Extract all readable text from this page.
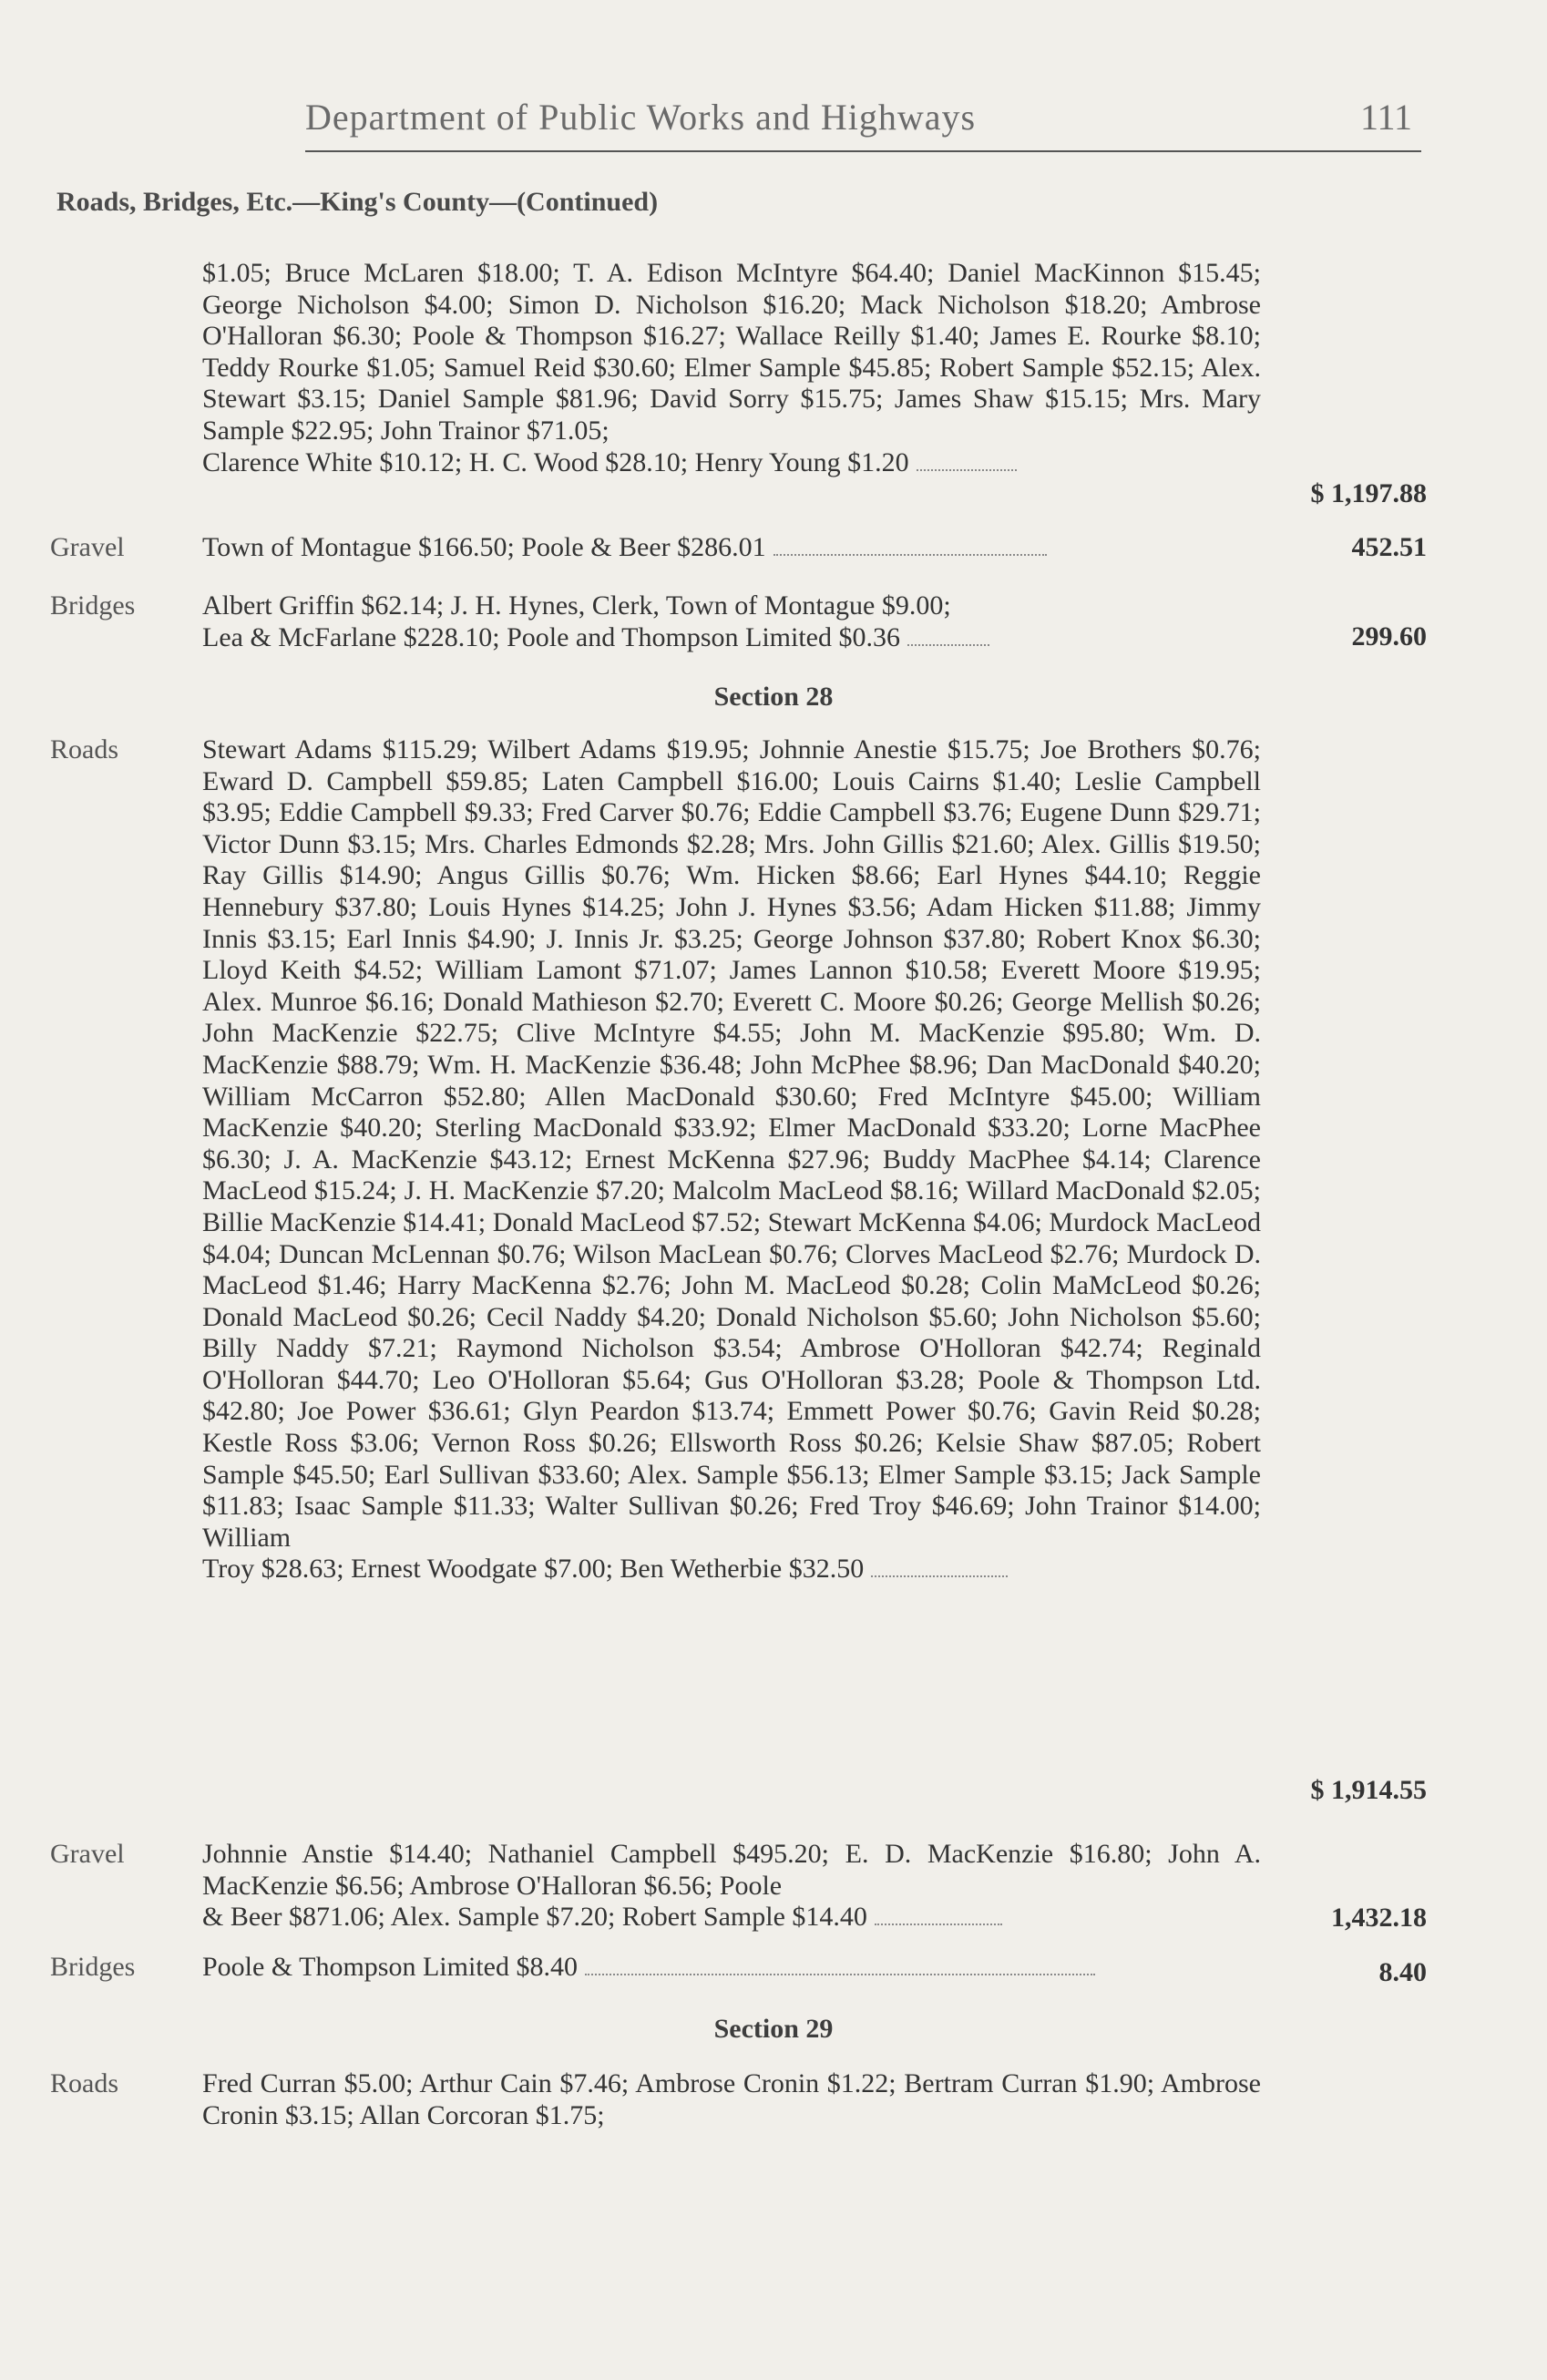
Department of Public Works and Highways	111
Roads, Bridges, Etc.—King's County—(Continued)
$1.05; Bruce McLaren $18.00; T. A. Edison McIntyre $64.40; Daniel MacKinnon $15.45; George Nicholson $4.00; Simon D. Nicholson $16.20; Mack Nicholson $18.20; Ambrose O'Halloran $6.30; Poole & Thompson $16.27; Wallace Reilly $1.40; James E. Rourke $8.10; Teddy Rourke $1.05; Samuel Reid $30.60; Elmer Sample $45.85; Robert Sample $52.15; Alex. Stewart $3.15; Daniel Sample $81.96; David Sorry $15.75; James Shaw $15.15; Mrs. Mary Sample $22.95; John Trainor $71.05;
Clarence White $10.12; H. C. Wood $28.10; Henry Young $1.20
$ 1,197.88
Gravel	Town of Montague $166.50; Poole & Beer $286.01	452.51
Bridges Albert Griffin $62.14; J. H. Hynes, Clerk, Town of Montague $9.00;
Lea & McFarlane $228.10; Poole and Thompson Limited $0.36	299.60
Section 28
Roads	Stewart Adams $115.29; Wilbert Adams $19.95; Johnnie Anestie $15.75; Joe Brothers $0.76; Eward D. Campbell $59.85; Laten Campbell $16.00; Louis Cairns $1.40; Leslie Campbell $3.95; Eddie Campbell $9.33; Fred Carver $0.76; Eddie Campbell $3.76; Eugene Dunn $29.71; Victor Dunn $3.15; Mrs. Charles Edmonds $2.28; Mrs. John Gillis $21.60; Alex. Gillis $19.50; Ray Gillis $14.90; Angus Gillis $0.76; Wm. Hicken $8.66; Earl Hynes $44.10; Reggie Hennebury $37.80; Louis Hynes $14.25; John J. Hynes $3.56; Adam Hicken $11.88; Jimmy Innis $3.15; Earl Innis $4.90; J. Innis Jr. $3.25; George Johnson $37.80; Robert Knox $6.30; Lloyd Keith $4.52; William Lamont $71.07; James Lannon $10.58; Everett Moore $19.95; Alex. Munroe $6.16; Donald Mathieson $2.70; Everett C. Moore $0.26; George Mellish $0.26; John MacKenzie $22.75; Clive McIntyre $4.55; John M. MacKenzie $95.80; Wm. D. MacKenzie $88.79; Wm. H. MacKenzie $36.48; John McPhee $8.96; Dan MacDonald $40.20; William McCarron $52.80; Allen MacDonald $30.60; Fred McIntyre $45.00; William MacKenzie $40.20; Sterling MacDonald $33.92; Elmer MacDonald $33.20; Lorne MacPhee $6.30; J. A. MacKenzie $43.12; Ernest McKenna $27.96; Buddy MacPhee $4.14; Clarence MacLeod $15.24; J. H. MacKenzie $7.20; Malcolm MacLeod $8.16; Willard MacDonald $2.05; Billie MacKenzie $14.41; Donald MacLeod $7.52; Stewart McKenna $4.06; Murdock MacLeod $4.04; Duncan McLennan $0.76; Wilson MacLean $0.76; Clorves MacLeod $2.76; Murdock D. MacLeod $1.46; Harry MacKenna $2.76; John M. MacLeod $0.28; Colin MaMcLeod $0.26; Donald MacLeod $0.26; Cecil Naddy $4.20; Donald Nicholson $5.60; John Nicholson $5.60; Billy Naddy $7.21; Raymond Nicholson $3.54; Ambrose O'Holloran $42.74; Reginald O'Holloran $44.70; Leo O'Holloran $5.64; Gus O'Holloran $3.28; Poole & Thompson Ltd. $42.80; Joe Power $36.61; Glyn Peardon $13.74; Emmett Power $0.76; Gavin Reid $0.28; Kestle Ross $3.06; Vernon Ross $0.26; Ellsworth Ross $0.26; Kelsie Shaw $87.05; Robert Sample $45.50; Earl Sullivan $33.60; Alex. Sample $56.13; Elmer Sample $3.15; Jack Sample $11.83; Isaac Sample $11.33; Walter Sullivan $0.26; Fred Troy $46.69; John Trainor $14.00; William
Troy $28.63; Ernest Woodgate $7.00; Ben Wetherbie $32.50
$ 1,914.55
Gravel	Johnnie Anstie $14.40; Nathaniel Campbell $495.20; E. D. MacKenzie $16.80; John A. MacKenzie $6.56; Ambrose O'Halloran $6.56; Poole
& Beer $871.06; Alex. Sample $7.20; Robert Sample $14.40	1,432.18
Bridges Poole & Thompson Limited $8.40	8.40
Section 29
Roads	Fred Curran $5.00; Arthur Cain $7.46; Ambrose Cronin $1.22; Bertram Curran $1.90; Ambrose Cronin $3.15; Allan Corcoran $1.75;
